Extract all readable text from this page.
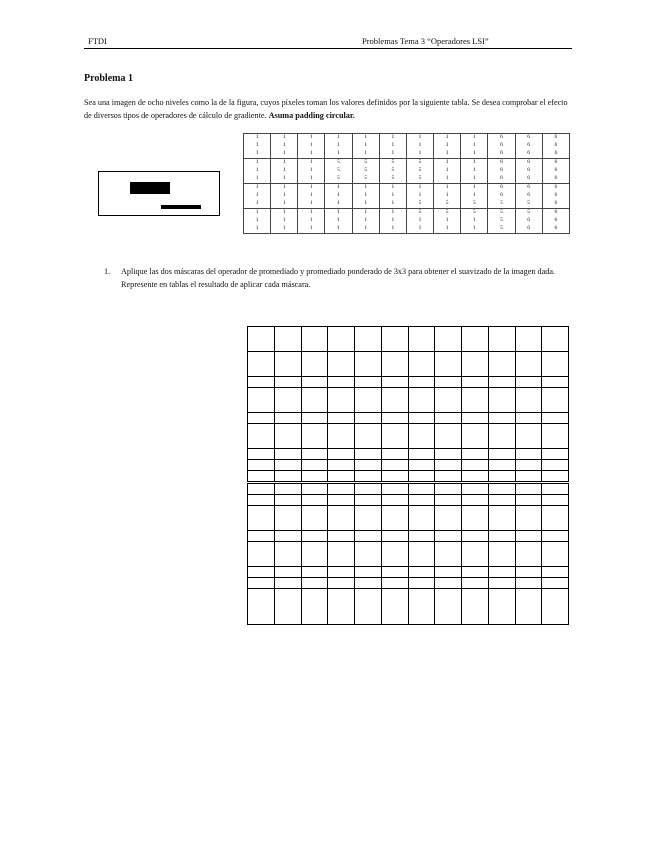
FTDI	Problemas Tema 3 “Operadores LSI”
Problema 1
Sea una imagen de ocho niveles como la de la figura, cuyos píxeles toman los valores definidos por la siguiente tabla. Se desea comprobar el efecto de diversos tipos de operadores de cálculo de gradiente. Asuma padding circular.
1	1	1	1	1	1	1	1	1	6	6	6
1	1	1	1	1	1	1	1	1	6	6	6
1	1	1	1	1	1	1	1	1	6	6	6
1	1	1	5	5	5	5	1	1	6	6	6
1	1	1	5	5	5	5	1	1	6	6	6
1	1	1	5	5	5	5	1	1	6	6	6
1	1	1	1	1	1	1	1	1	6	6	6
1	1	1	1	1	1	1	1	1	6	6	6
1	1	1	1	1	1	5	5	5	5	5	6
1	1	1	1	1	1	5	5	5	5	5	6
1	1	1	1	1	1	1	1	1	5	6	6
1	1	1	1	1	1	1	1	1	5	6	6
1. Aplique las dos máscaras del operador de promediado y promediado ponderado de 3x3 para obtener el suavizado de la imagen dada. Represente en tablas el resultado de aplicar cada máscara.
